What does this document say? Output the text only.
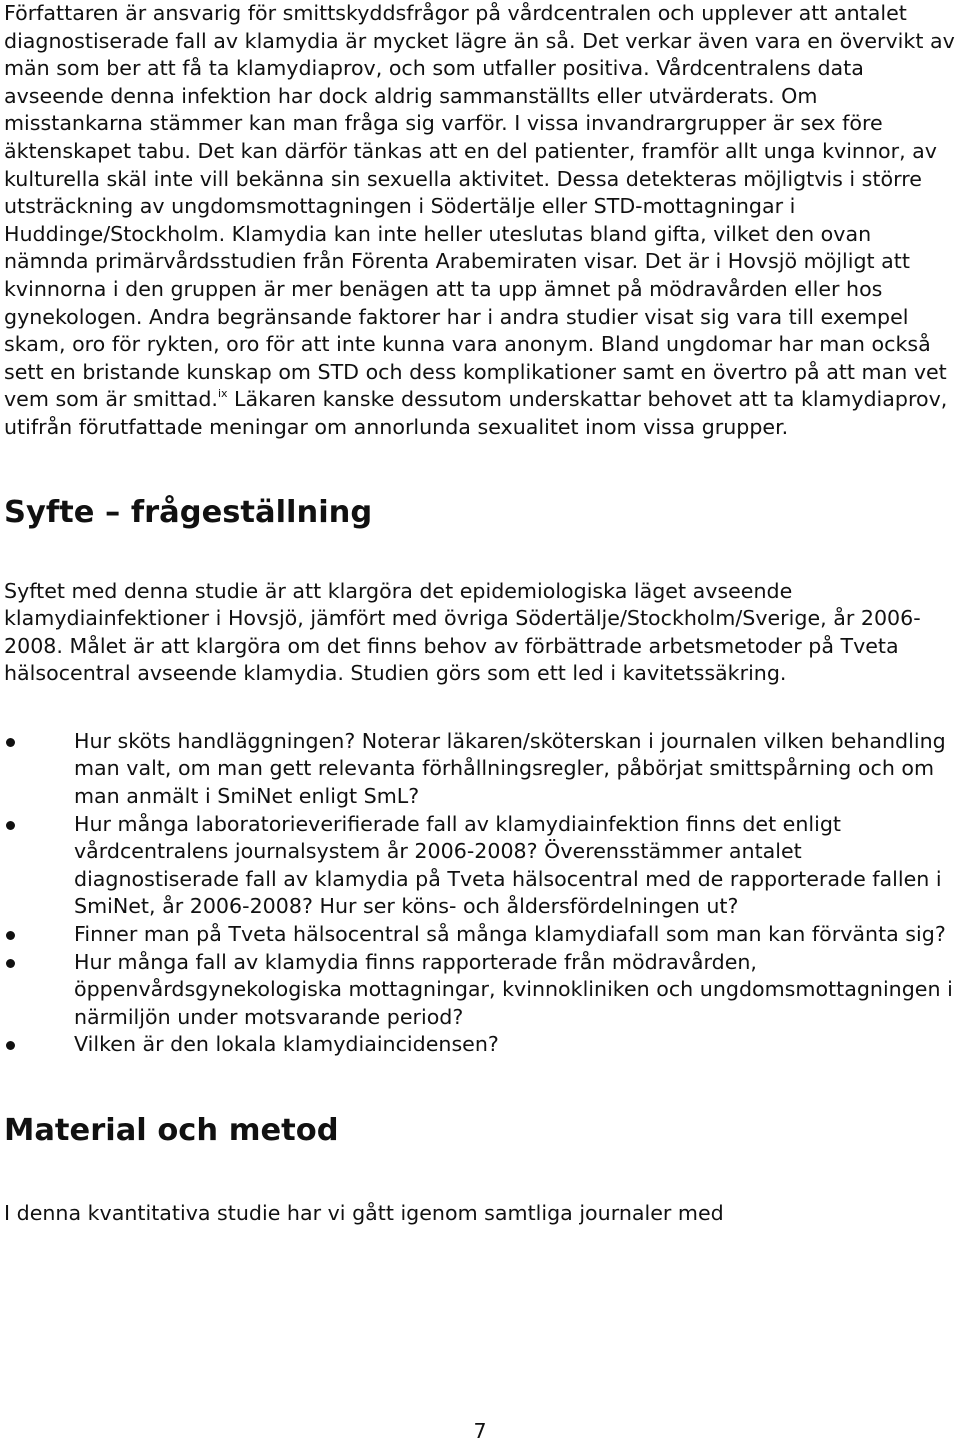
Författaren är ansvarig för smittskyddsfrågor på vårdcentralen och upplever att antalet diagnostiserade fall av klamydia är mycket lägre än så. Det verkar även vara en övervikt av män som ber att få ta klamydiaprov, och som utfaller positiva. Vårdcentralens data avseende denna infektion har dock aldrig sammanställts eller utvärderats. Om misstankarna stämmer kan man fråga sig varför. I vissa invandrargrupper är sex före äktenskapet tabu. Det kan därför tänkas att en del patienter, framför allt unga kvinnor, av kulturella skäl inte vill bekänna sin sexuella aktivitet. Dessa detekteras möjligtvis i större utsträckning av ungdomsmottagningen i Södertälje eller STD-mottagningar i Huddinge/Stockholm. Klamydia kan inte heller uteslutas bland gifta, vilket den ovan nämnda primärvårdsstudien från Förenta Arabemiraten visar. Det är i Hovsjö möjligt att kvinnorna i den gruppen är mer benägen att ta upp ämnet på mödravården eller hos gynekologen. Andra begränsande faktorer har i andra studier visat sig vara till exempel skam, oro för rykten, oro för att inte kunna vara anonym. Bland ungdomar har man också sett en bristande kunskap om STD och dess komplikationer samt en övertro på att man vet vem som är smittad.$^{ix}$ Läkaren kanske dessutom underskattar behovet att ta klamydiaprov, utifrån förutfattade meningar om annorlunda sexualitet inom vissa grupper.

Syfte – frågeställning

Syftet med denna studie är att klargöra det epidemiologiska läget avseende klamydiainfektioner i Hovsjö, jämfört med övriga Södertälje/Stockholm/Sverige, år 2006-2008. Målet är att klargöra om det finns behov av förbättrade arbetsmetoder på Tveta hälsocentral avseende klamydia. Studien görs som ett led i kavitetssäkring.

Hur sköts handläggningen? Noterar läkaren/sköterskan i journalen vilken behandling man valt, om man gett relevanta förhållningsregler, påbörjat smittspårning och om man anmält i SmiNet enligt SmL?
Hur många laboratorieverifierade fall av klamydiainfektion finns det enligt vårdcentralens journalsystem år 2006-2008? Överensstämmer antalet diagnostiserade fall av klamydia på Tveta hälsocentral med de rapporterade fallen i SmiNet, år 2006-2008? Hur ser köns- och åldersfördelningen ut?
Finner man på Tveta hälsocentral så många klamydiafall som man kan förvänta sig?
Hur många fall av klamydia finns rapporterade från mödravården, öppenvårdsgynekologiska mottagningar, kvinnokliniken och ungdomsmottagningen i närmiljön under motsvarande period?
Vilken är den lokala klamydiaincidensen?
Material och metod

I denna kvantitativa studie har vi gått igenom samtliga journaler med

7
